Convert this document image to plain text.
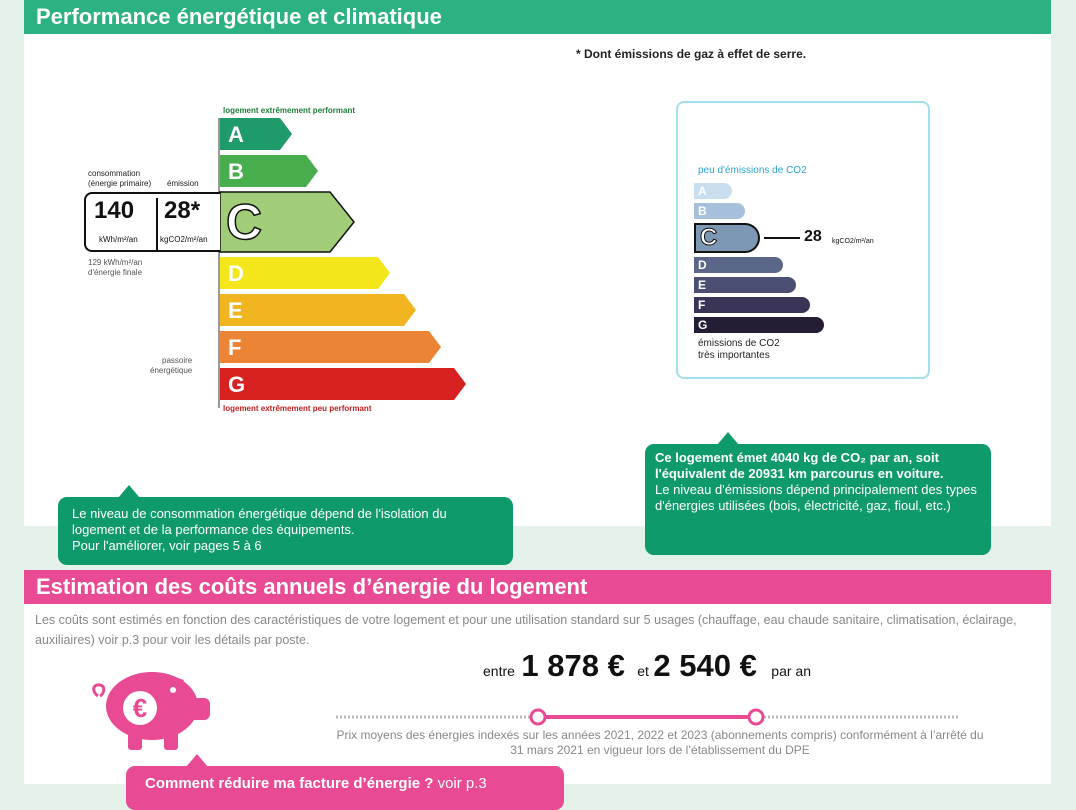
Performance énergétique et climatique
* Dont émissions de gaz à effet de serre.
logement extrêmement performant
logement extrêmement peu performant
A
B
C
D
E
F
G
consommation
(énergie primaire) émission
140
kWh/m²/an
28*
kgCO2/m²/an
129 kWh/m²/an
d'énergie finale
passoire
énergétique
peu d'émissions de CO2
A
B
C
D
E
F
G
émissions de CO2
très importantes
28 kgCO2/m²/an
Le niveau de consommation énergétique dépend de l'isolation du logement et de la performance des équipements.
Pour l'améliorer, voir pages 5 à 6
Ce logement émet 4040 kg de CO₂ par an, soit l'équivalent de 20931 km parcourus en voiture.
Le niveau d'émissions dépend principalement des types d'énergies utilisées (bois, électricité, gaz, fioul, etc.)
Estimation des coûts annuels d’énergie du logement
Les coûts sont estimés en fonction des caractéristiques de votre logement et pour une utilisation standard sur 5 usages (chauffage, eau chaude sanitaire, climatisation, éclairage, auxiliaires) voir p.3 pour voir les détails par poste.
entre 1 878 € et 2 540 € par an
Prix moyens des énergies indexés sur les années 2021, 2022 et 2023 (abonnements compris) conformément à l’arrêté du 31 mars 2021 en vigueur lors de l’établissement du DPE
€
Comment réduire ma facture d’énergie ? voir p.3
